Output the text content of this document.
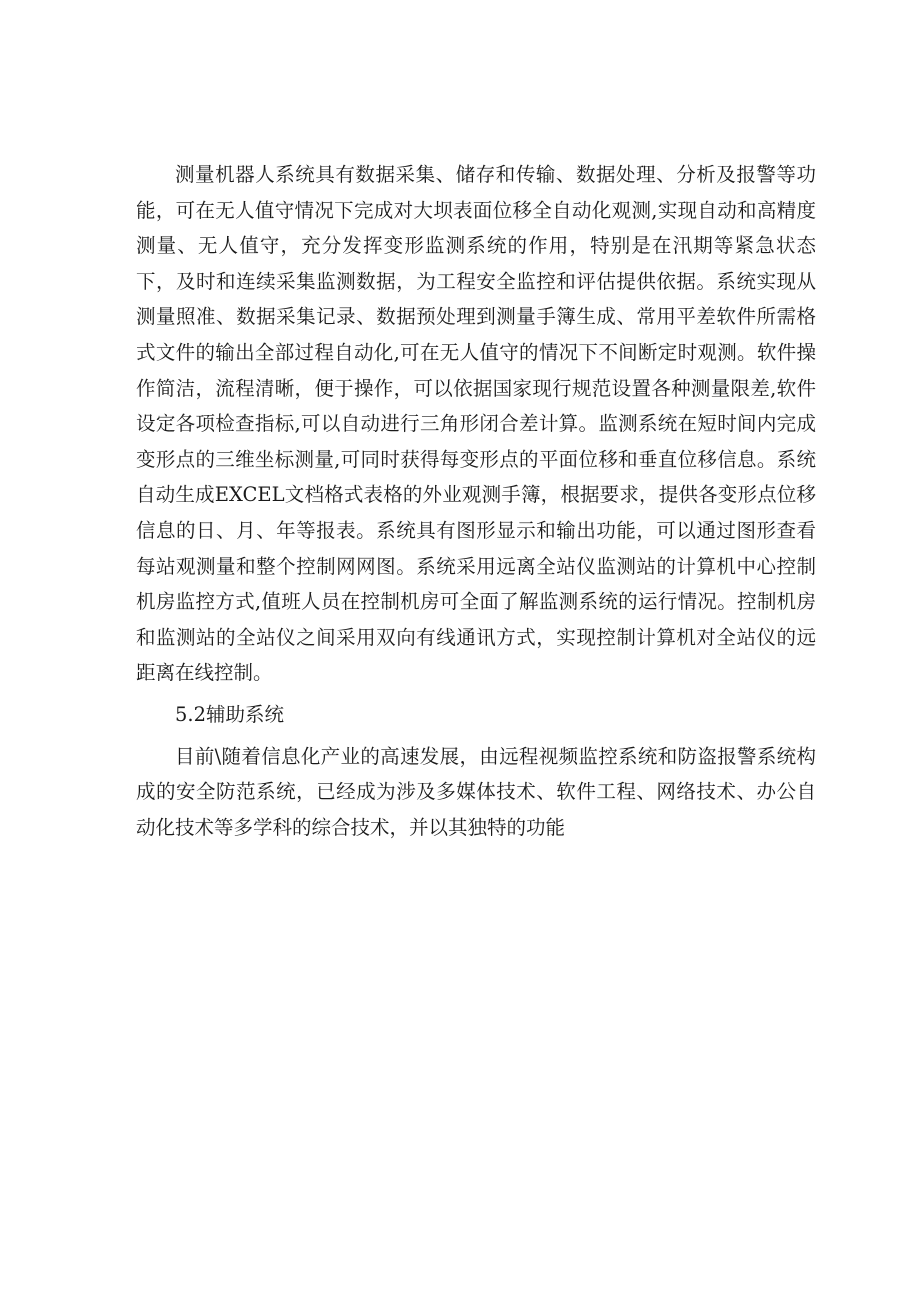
测量机器人系统具有数据采集、储存和传输、数据处理、分析及报警等功能，可在无人值守情况下完成对大坝表面位移全自动化观测,实现自动和高精度测量、无人值守，充分发挥变形监测系统的作用，特别是在汛期等紧急状态下，及时和连续采集监测数据，为工程安全监控和评估提供依据。系统实现从测量照准、数据采集记录、数据预处理到测量手簿生成、常用平差软件所需格式文件的输出全部过程自动化,可在无人值守的情况下不间断定时观测。软件操作简洁，流程清晰，便于操作，可以依据国家现行规范设置各种测量限差,软件设定各项检查指标,可以自动进行三角形闭合差计算。监测系统在短时间内完成变形点的三维坐标测量,可同时获得每变形点的平面位移和垂直位移信息。系统自动生成EXCEL文档格式表格的外业观测手簿，根据要求，提供各变形点位移信息的日、月、年等报表。系统具有图形显示和输出功能，可以通过图形查看每站观测量和整个控制网网图。系统采用远离全站仪监测站的计算机中心控制机房监控方式,值班人员在控制机房可全面了解监测系统的运行情况。控制机房和监测站的全站仪之间采用双向有线通讯方式，实现控制计算机对全站仪的远距离在线控制。

5.2辅助系统

目前\随着信息化产业的高速发展，由远程视频监控系统和防盗报警系统构成的安全防范系统，已经成为涉及多媒体技术、软件工程、网络技术、办公自动化技术等多学科的综合技术，并以其独特的功能
